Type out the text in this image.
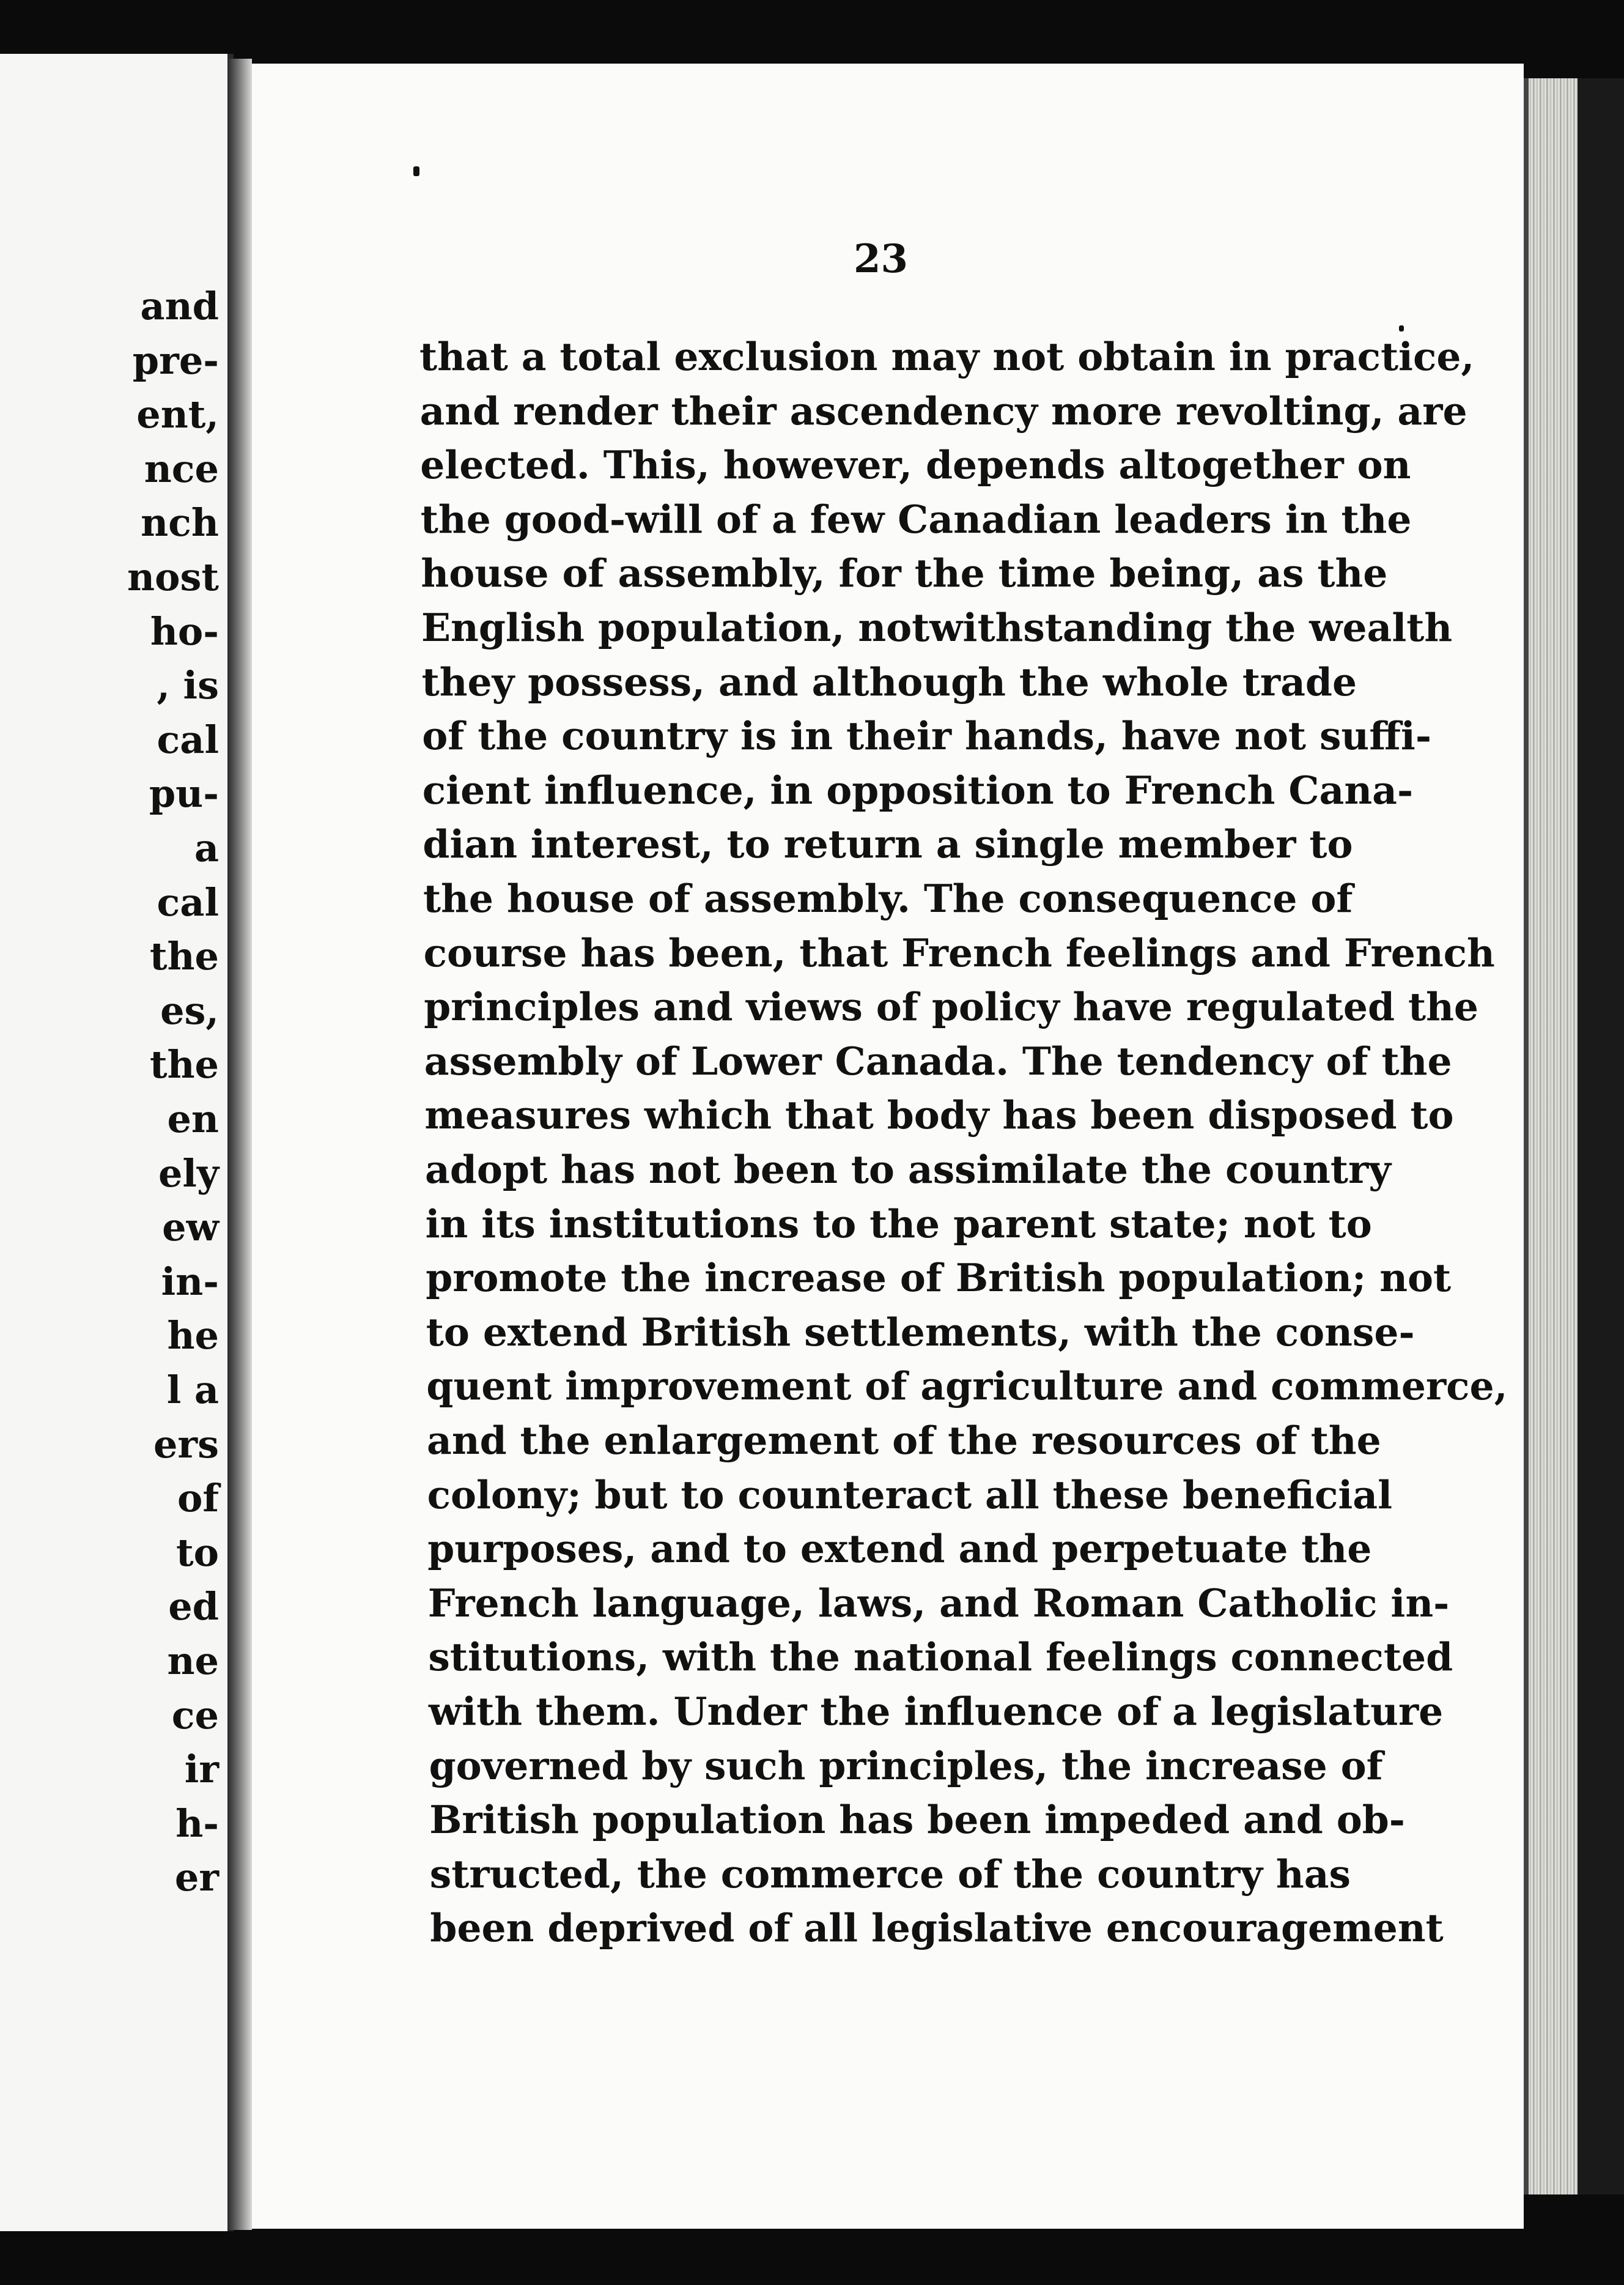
and
pre-
ent,
nce
nch
nost
ho-
, is
cal
pu-
a
cal
the
es,
the
en
ely
ew
in-
he
l a
ers
of
to
ed
ne
ce
ir
h-
er
23
that a total exclusion may not obtain in practice,
and render their ascendency more revolting, are
elected. This, however, depends altogether on
the good-will of a few Canadian leaders in the
house of assembly, for the time being, as the
English population, notwithstanding the wealth
they possess, and although the whole trade
of the country is in their hands, have not suffi-
cient influence, in opposition to French Cana-
dian interest, to return a single member to
the house of assembly. The consequence of
course has been, that French feelings and French
principles and views of policy have regulated the
assembly of Lower Canada. The tendency of the
measures which that body has been disposed to
adopt has not been to assimilate the country
in its institutions to the parent state; not to
promote the increase of British population; not
to extend British settlements, with the conse-
quent improvement of agriculture and commerce,
and the enlargement of the resources of the
colony; but to counteract all these beneficial
purposes, and to extend and perpetuate the
French language, laws, and Roman Catholic in-
stitutions, with the national feelings connected
with them. Under the influence of a legislature
governed by such principles, the increase of
British population has been impeded and ob-
structed, the commerce of the country has
been deprived of all legislative encouragement
